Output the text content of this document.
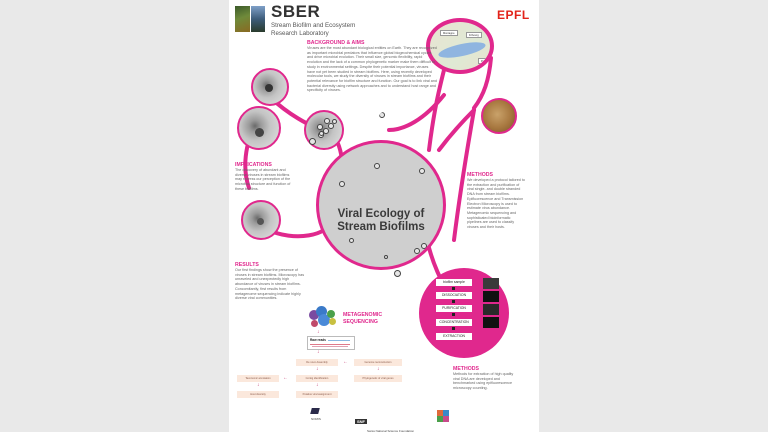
SBER
Stream Biofilm and Ecosystem Research Laboratory
EPFL
Viral Ecology of
Stream Biofilms
Montagne
Fribourg
Pully
BACKGROUND & AIMS
Viruses are the most abundant biological entities on Earth. They are recognized as important microbial predators that influence global biogeochemical cycles and drive microbial evolution. Their small size, genomic flexibility, rapid evolution and the lack of a common phylogenetic marker make them difficult to study in environmental settings. Despite their potential importance, viruses have not yet been studied in stream biofilms. Here, using recently developed molecular tools, we study the diversity of viruses in stream biofilms and their potential relevance for biofilm structure and function. Our goal is to link viral and bacterial diversity using network approaches and to understand host range and specificity of viruses.
IMPLICATIONS
The discovery of abundant and diverse viruses in stream biofilms may redress our perception of the microbial structure and function of these biofilms.
METHODS
We developed a protocol tailored to the extraction and purification of viral single- and double stranded DNA from stream biofilms. Epifluorescence and Transmission Electron Microscopy is used to estimate virus abundance. Metagenomic sequencing and sophisticated bioinformatic pipelines are used to classify viruses and their hosts.
RESULTS
Our first findings show the presence of viruses in stream biofilms. Microscopy has unraveled and unexpectedly high abundance of viruses in stream biofilms. Concomitantly, first results from metagenome sequencing indicate highly diverse viral communities.
METAGENOMIC
SEQUENCING
↓
Raw reads
↓
De novo Assembly	←	Genome reconstruction
↓	↓
Contig identification	Phylogenetic of viral genes
←
Taxonomic annotation
↓	↓
Host diversity	Putative viral assignment
biofilm sample
DISSOCIATION
PURIFICATION
CONCENTRATION
EXTRACTION
METHODS
Methods for extraction of high quality viral DNA are developed and benchmarked using epifluorescence microscopy counting.
NOMIS	SNF
Swiss National Science Foundation
